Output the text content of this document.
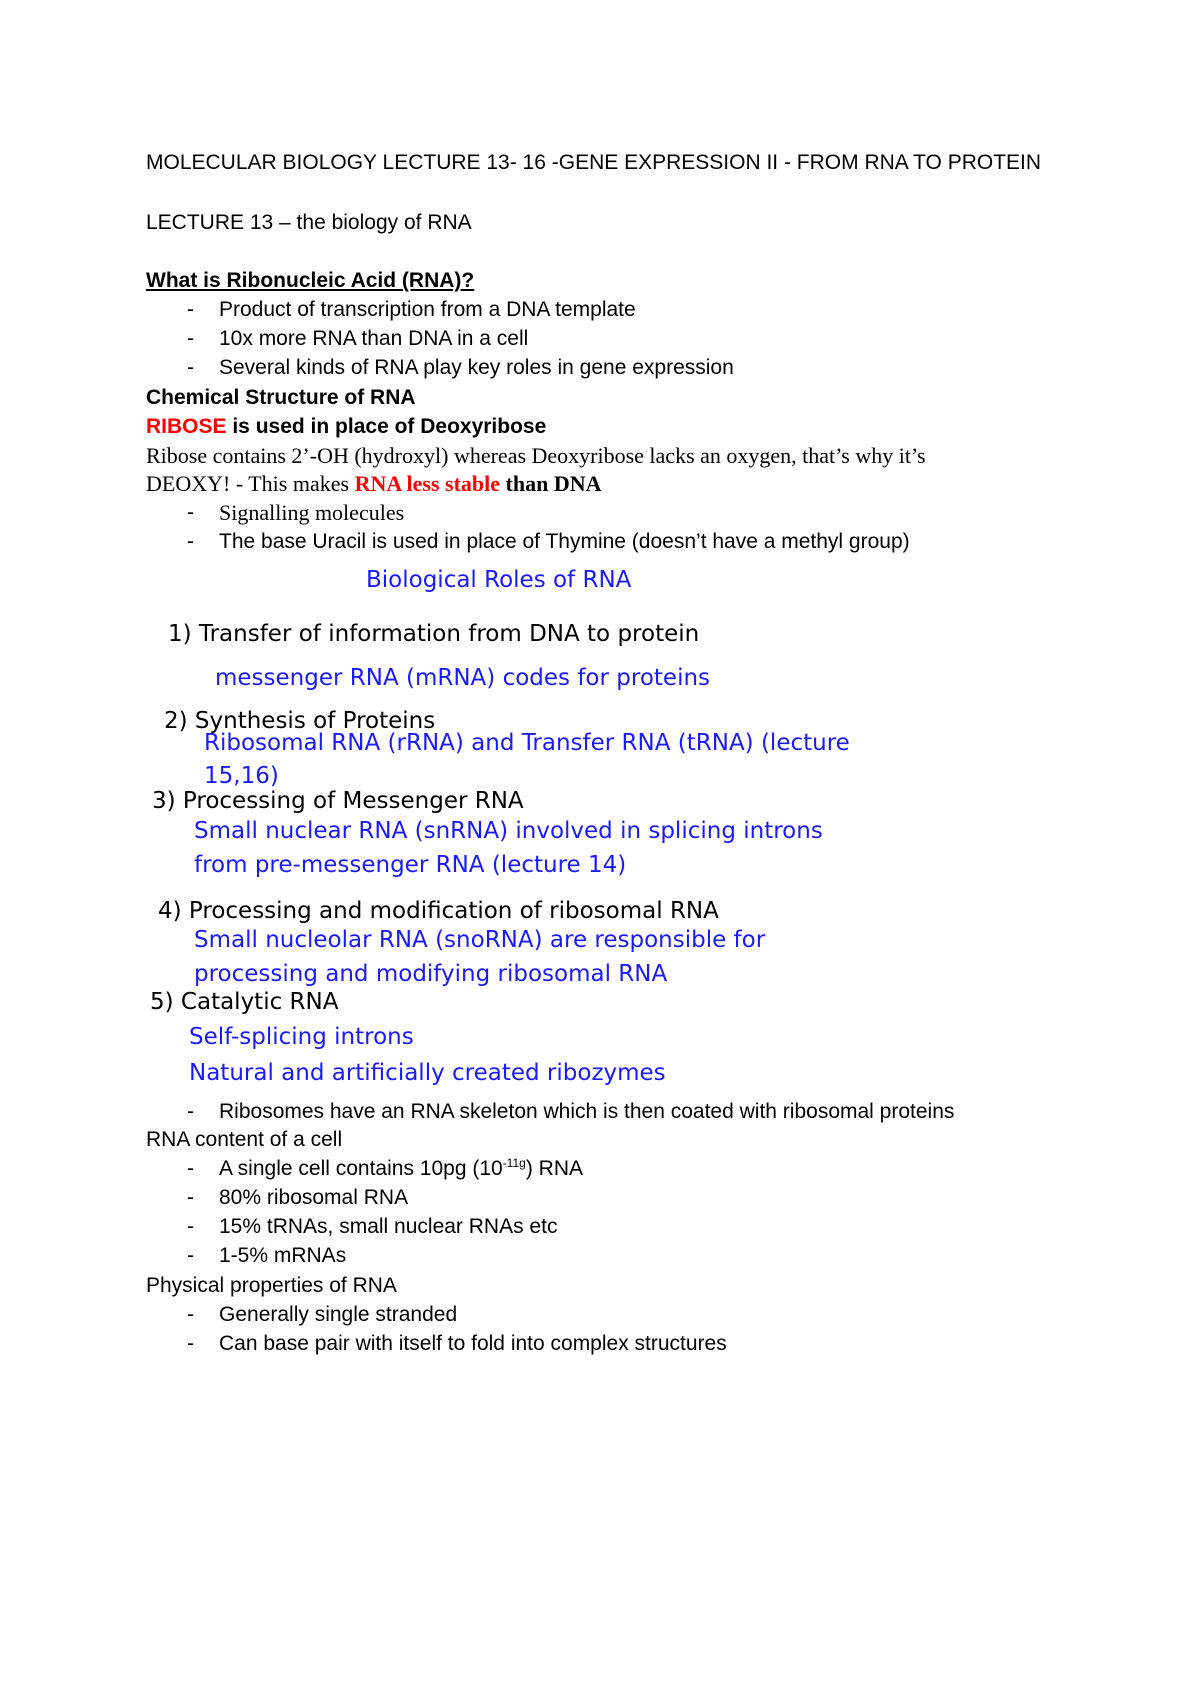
MOLECULAR BIOLOGY LECTURE 13- 16 -GENE EXPRESSION II - FROM RNA TO PROTEIN
LECTURE 13 – the biology of RNA
What is Ribonucleic Acid (RNA)?
-	Product of transcription from a DNA template
-	10x more RNA than DNA in a cell
-	Several kinds of RNA play key roles in gene expression
Chemical Structure of RNA
RIBOSE is used in place of Deoxyribose
Ribose contains 2’-OH (hydroxyl) whereas Deoxyribose lacks an oxygen, that’s why it’s
DEOXY! - This makes RNA less stable than DNA
-	Signalling molecules
-	The base Uracil is used in place of Thymine (doesn’t have a methyl group)
Biological Roles of RNA
1) Transfer of information from DNA to protein
messenger RNA (mRNA) codes for proteins
2) Synthesis of Proteins
Ribosomal RNA (rRNA) and Transfer RNA (tRNA) (lecture
15,16)
3) Processing of Messenger RNA
Small nuclear RNA (snRNA) involved in splicing introns
from pre-messenger RNA (lecture 14)
4) Processing and modification of ribosomal RNA
Small nucleolar RNA (snoRNA) are responsible for
processing and modifying ribosomal RNA
5) Catalytic RNA
Self-splicing introns
Natural and artificially created ribozymes
-	Ribosomes have an RNA skeleton which is then coated with ribosomal proteins
RNA content of a cell
-	A single cell contains 10pg $(10^{-11g})$ RNA
-	80% ribosomal RNA
-	15% tRNAs, small nuclear RNAs etc
-	1-5% mRNAs
Physical properties of RNA
-	Generally single stranded
-	Can base pair with itself to fold into complex structures
